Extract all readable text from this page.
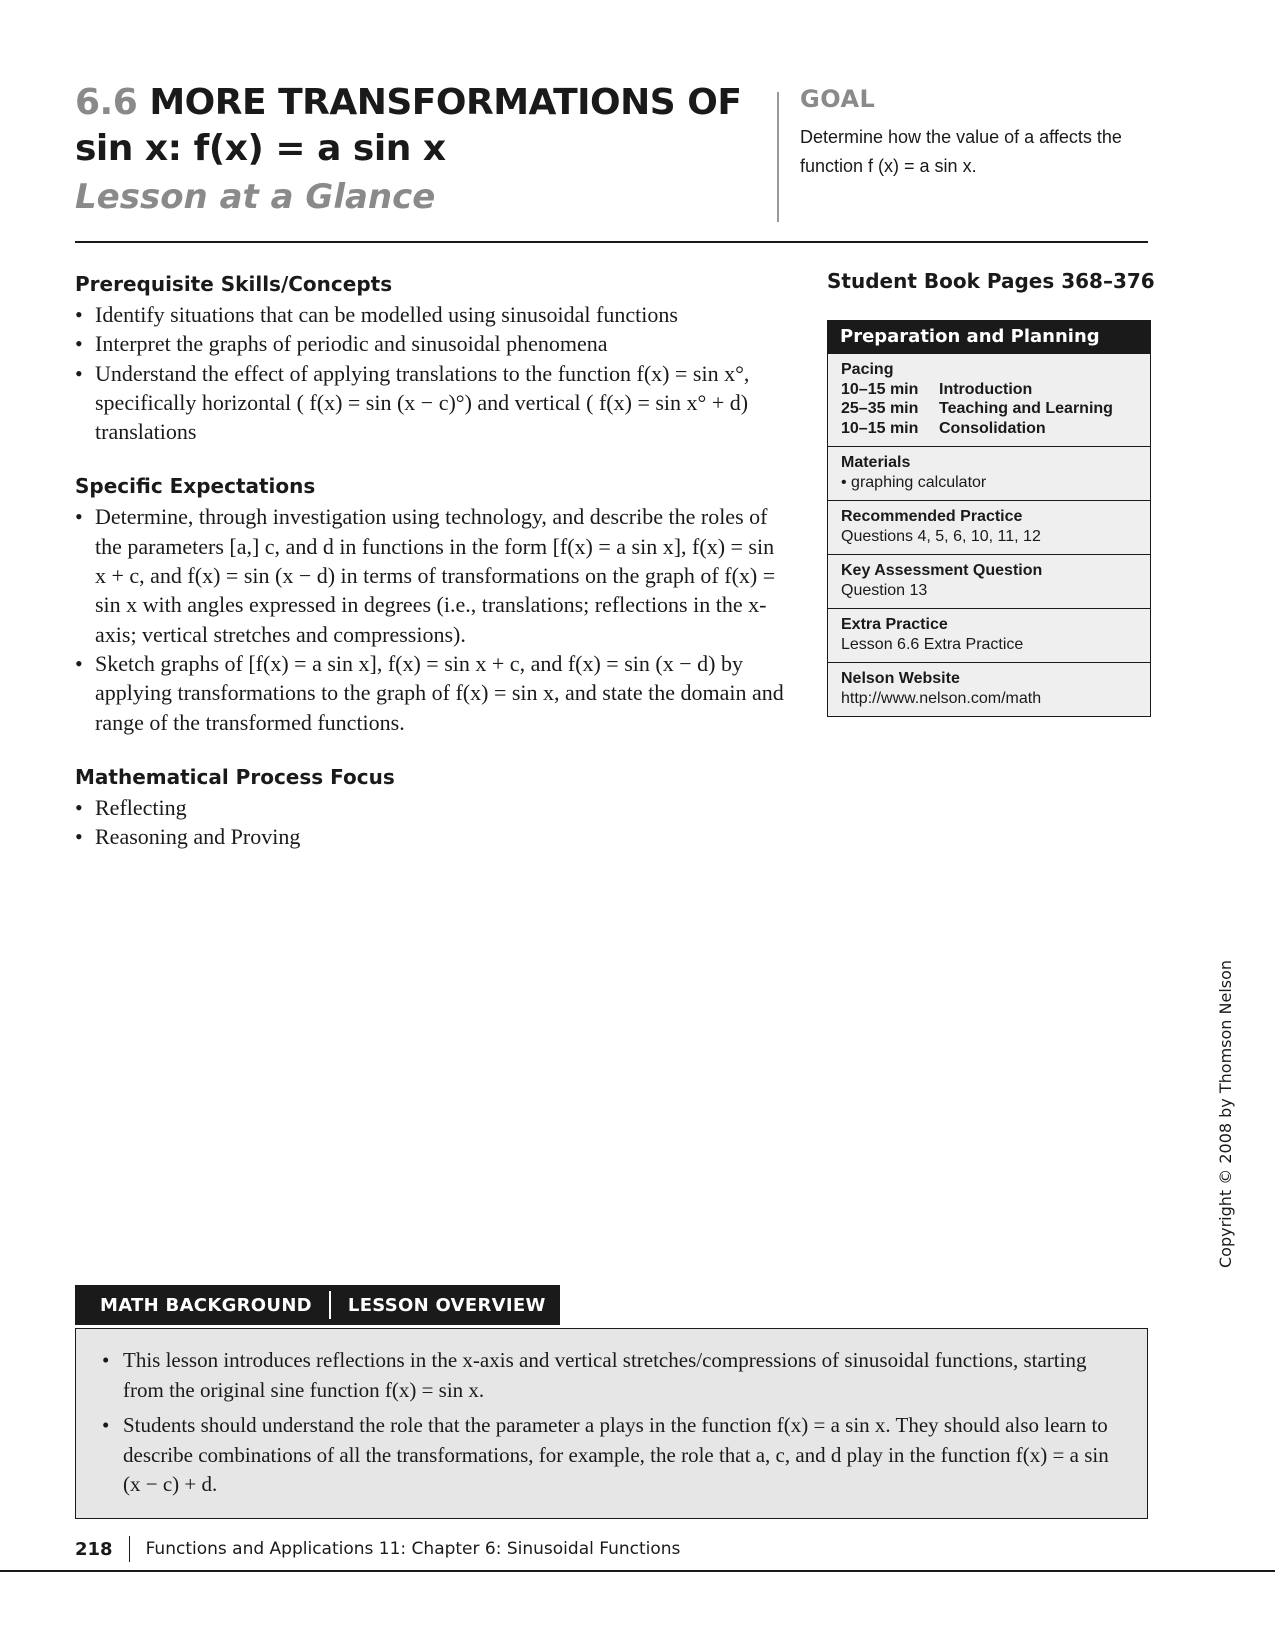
6.6 MORE TRANSFORMATIONS OF
sin x: f(x) = a sin x
Lesson at a Glance
GOAL
Determine how the value of a affects the function f (x) = a sin x.
Prerequisite Skills/Concepts
• Identify situations that can be modelled using sinusoidal functions
• Interpret the graphs of periodic and sinusoidal phenomena
• Understand the effect of applying translations to the function f(x) = sin x°, specifically horizontal ( f(x) = sin (x − c)°) and vertical ( f(x) = sin x° + d) translations
Specific Expectations
• Determine, through investigation using technology, and describe the roles of the parameters [a,] c, and d in functions in the form [f(x) = a sin x], f(x) = sin x + c, and f(x) = sin (x − d) in terms of transformations on the graph of f(x) = sin x with angles expressed in degrees (i.e., translations; reflections in the x-axis; vertical stretches and compressions).
• Sketch graphs of [f(x) = a sin x], f(x) = sin x + c, and f(x) = sin (x − d) by applying transformations to the graph of f(x) = sin x, and state the domain and range of the transformed functions.
Mathematical Process Focus
• Reflecting
• Reasoning and Proving
Student Book Pages 368–376
Preparation and Planning
Pacing
10–15 min	Introduction
25–35 min	Teaching and Learning
10–15 min	Consolidation
Materials
• graphing calculator
Recommended Practice
Questions 4, 5, 6, 10, 11, 12
Key Assessment Question
Question 13
Extra Practice
Lesson 6.6 Extra Practice
Nelson Website
http://www.nelson.com/math
Copyright © 2008 by Thomson Nelson
MATH BACKGROUND LESSON OVERVIEW
• This lesson introduces reflections in the x-axis and vertical stretches/compressions of sinusoidal functions, starting from the original sine function f(x) = sin x.
• Students should understand the role that the parameter a plays in the function f(x) = a sin x. They should also learn to describe combinations of all the transformations, for example, the role that a, c, and d play in the function f(x) = a sin (x − c) + d.
218 Functions and Applications 11: Chapter 6: Sinusoidal Functions
